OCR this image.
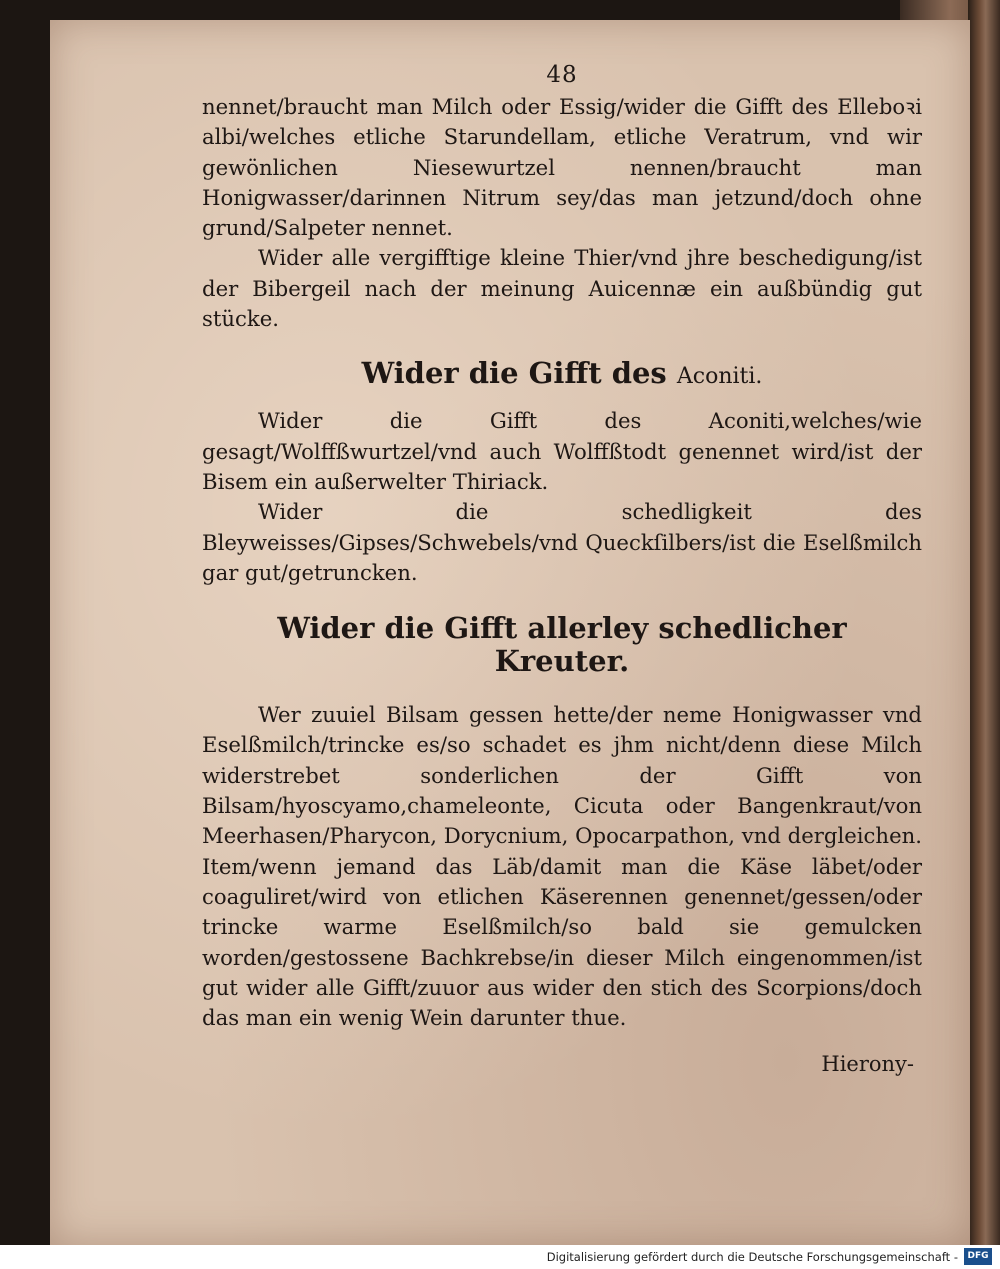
48

nennet/braucht man Milch oder Essig/wider die Gifft des Elleboꝛi albi/welches etliche Starundellam, etliche Veratrum, vnd wir gewönlichen Niesewurtzel nennen/braucht man Honigwasser/darinnen Nitrum sey/das man jetzund/doch ohne grund/Salpeter nennet.

Wider alle vergifftige kleine Thier/vnd jhre beschedigung/ist der Bibergeil nach der meinung Auicennæ ein außbündig gut stücke.

Wider die Gifft des Aconiti.

Wider die Gifft des Aconiti,welches/wie gesagt/Wolffßwurtzel/vnd auch Wolffßtodt genennet wird/ist der Bisem ein außerwelter Thiriack.

Wider die schedligkeit des Bleyweisses/Gipses/Schwebels/vnd Queckſilbers/ist die Eselßmilch gar gut/getruncken.

Wider die Gifft allerley schedlicher
Kreuter.

Wer zuuiel Bilsam gessen hette/der neme Honigwasser vnd Eselßmilch/trincke es/so schadet es jhm nicht/denn diese Milch widerstrebet sonderlichen der Gifft von Bilsam/hyoscyamo,chameleonte, Cicuta oder Bangenkraut/von Meerhasen/Pharycon, Dorycnium, Opocarpathon, vnd dergleichen. Item/wenn jemand das Läb/damit man die Käse läbet/oder coaguliret/wird von etlichen Käserennen genennet/gessen/oder trincke warme Eselßmilch/so bald sie gemulcken worden/gestossene Bachkrebse/in dieser Milch eingenommen/ist gut wider alle Gifft/zuuor aus wider den stich des Scorpions/doch das man ein wenig Wein darunter thue.

Hierony-
Digitalisierung gefördert durch die Deutsche Forschungsgemeinschaft -	DFG
